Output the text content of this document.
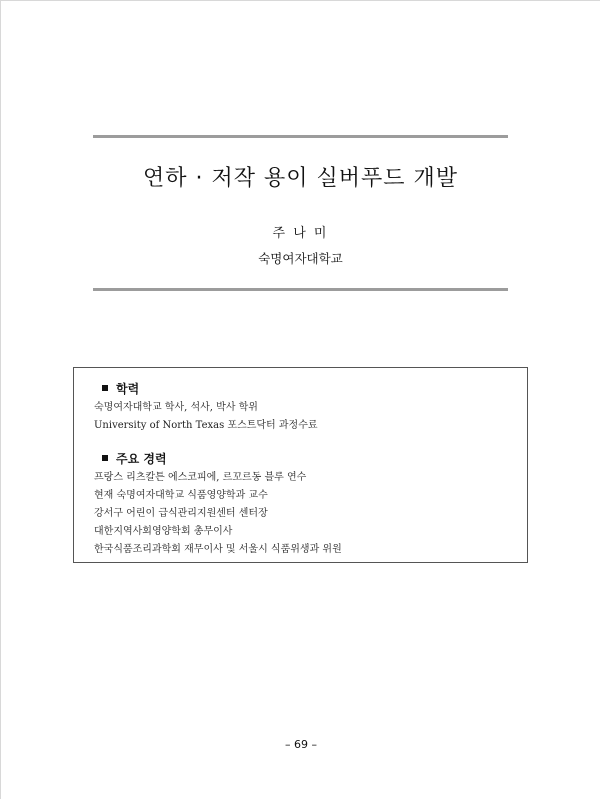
연하 · 저작 용이 실버푸드 개발
주 나 미
숙명여자대학교
학력
숙명여자대학교 학사, 석사, 박사 학위
University of North Texas 포스트닥터 과정수료
주요 경력
프랑스 리츠칼튼 에스코피에, 르꼬르동 블루 연수
현재 숙명여자대학교 식품영양학과 교수
강서구 어린이 급식관리지원센터 센터장
대한지역사회영양학회 총무이사
한국식품조리과학회 재무이사 및 서울시 식품위생과 위원
– 69 –
